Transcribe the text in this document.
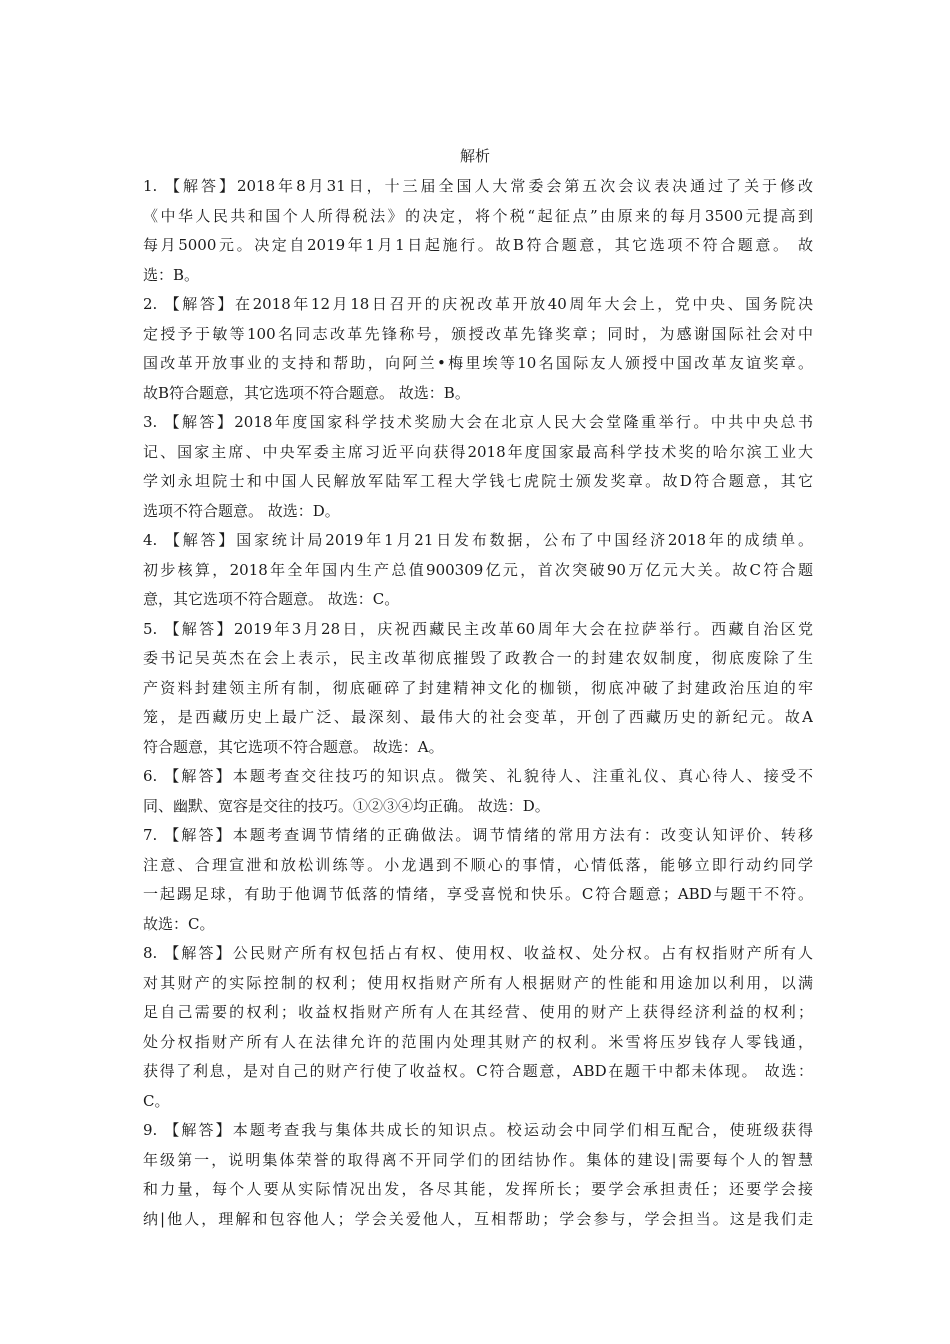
解析
1. 【解答】2018年8月31日，十三届全国人大常委会第五次会议表决通过了关于修改
《中华人民共和国个人所得税法》的决定，将个税“起征点”由原来的每月3500元提高到
每月5000元。决定自2019年1月1日起施行。故B符合题意，其它选项不符合题意。 故
选：B。
2. 【解答】在2018年12月18日召开的庆祝改革开放40周年大会上，党中央、国务院决
定授予于敏等100名同志改革先锋称号，颁授改革先锋奖章；同时，为感谢国际社会对中
国改革开放事业的支持和帮助，向阿兰•梅里埃等10名国际友人颁授中国改革友谊奖章。
故B符合题意，其它选项不符合题意。 故选：B。
3. 【解答】2018年度国家科学技术奖励大会在北京人民大会堂隆重举行。中共中央总书
记、国家主席、中央军委主席习近平向获得2018年度国家最高科学技术奖的哈尔滨工业大
学刘永坦院士和中国人民解放军陆军工程大学钱七虎院士颁发奖章。故D符合题意，其它
选项不符合题意。 故选：D。
4. 【解答】国家统计局2019年1月21日发布数据，公布了中国经济2018年的成绩单。
初步核算，2018年全年国内生产总值900309亿元，首次突破90万亿元大关。故C符合题
意，其它选项不符合题意。 故选：C。
5. 【解答】2019年3月28日，庆祝西藏民主改革60周年大会在拉萨举行。西藏自治区党
委书记吴英杰在会上表示，民主改革彻底摧毁了政教合一的封建农奴制度，彻底废除了生
产资料封建领主所有制，彻底砸碎了封建精神文化的枷锁，彻底冲破了封建政治压迫的牢
笼，是西藏历史上最广泛、最深刻、最伟大的社会变革，开创了西藏历史的新纪元。故A
符合题意，其它选项不符合题意。 故选：A。
6. 【解答】本题考查交往技巧的知识点。微笑、礼貌待人、注重礼仪、真心待人、接受不
同、幽默、宽容是交往的技巧。①②③④均正确。 故选：D。
7. 【解答】本题考查调节情绪的正确做法。调节情绪的常用方法有：改变认知评价、转移
注意、合理宣泄和放松训练等。小龙遇到不顺心的事情，心情低落，能够立即行动约同学
一起踢足球，有助于他调节低落的情绪，享受喜悦和快乐。C符合题意；ABD与题干不符。
故选：C。
8. 【解答】公民财产所有权包括占有权、使用权、收益权、处分权。占有权指财产所有人
对其财产的实际控制的权利；使用权指财产所有人根据财产的性能和用途加以利用，以满
足自己需要的权利；收益权指财产所有人在其经营、使用的财产上获得经济利益的权利；
处分权指财产所有人在法律允许的范围内处理其财产的权利。米雪将压岁钱存人零钱通，
获得了利息，是对自己的财产行使了收益权。C符合题意，ABD在题干中都未体现。 故选：
C。
9. 【解答】本题考查我与集体共成长的知识点。校运动会中同学们相互配合，使班级获得
年级第一，说明集体荣誉的取得离不开同学们的团结协作。集体的建设|需要每个人的智慧
和力量，每个人要从实际情况出发，各尽其能，发挥所长；要学会承担责任；还要学会接
纳|他人，理解和包容他人；学会关爱他人，互相帮助；学会参与，学会担当。这是我们走
